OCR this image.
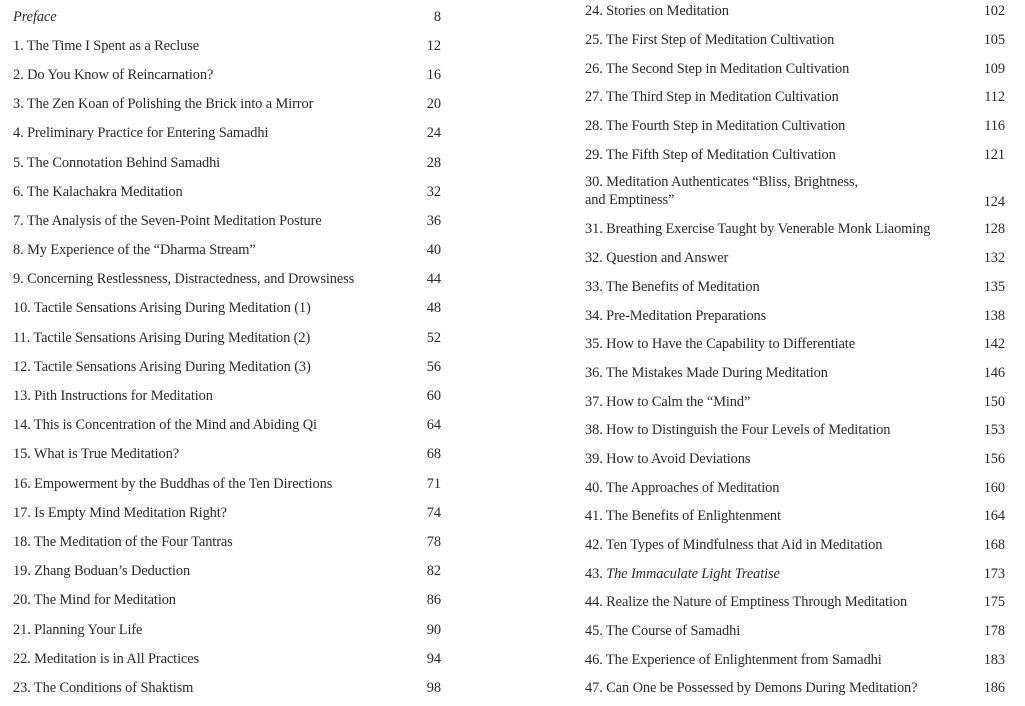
Preface	8
1. The Time I Spent as a Recluse	12
2. Do You Know of Reincarnation?	16
3. The Zen Koan of Polishing the Brick into a Mirror	20
4. Preliminary Practice for Entering Samadhi	24
5. The Connotation Behind Samadhi	28
6. The Kalachakra Meditation	32
7. The Analysis of the Seven-Point Meditation Posture	36
8. My Experience of the “Dharma Stream”	40
9. Concerning Restlessness, Distractedness, and Drowsiness	44
10. Tactile Sensations Arising During Meditation (1)	48
11. Tactile Sensations Arising During Meditation (2)	52
12. Tactile Sensations Arising During Meditation (3)	56
13. Pith Instructions for Meditation	60
14. This is Concentration of the Mind and Abiding Qi	64
15. What is True Meditation?	68
16. Empowerment by the Buddhas of the Ten Directions	71
17. Is Empty Mind Meditation Right?	74
18. The Meditation of the Four Tantras	78
19. Zhang Boduan’s Deduction	82
20. The Mind for Meditation	86
21. Planning Your Life	90
22. Meditation is in All Practices	94
23. The Conditions of Shaktism	98
24. Stories on Meditation	102
25. The First Step of Meditation Cultivation	105
26. The Second Step in Meditation Cultivation	109
27. The Third Step in Meditation Cultivation	112
28. The Fourth Step in Meditation Cultivation	116
29. The Fifth Step of Meditation Cultivation	121
30. Meditation Authenticates “Bliss, Brightness,
and Emptiness”	124
31. Breathing Exercise Taught by Venerable Monk Liaoming	128
32. Question and Answer	132
33. The Benefits of Meditation	135
34. Pre-Meditation Preparations	138
35. How to Have the Capability to Differentiate	142
36. The Mistakes Made During Meditation	146
37. How to Calm the “Mind”	150
38. How to Distinguish the Four Levels of Meditation	153
39. How to Avoid Deviations	156
40. The Approaches of Meditation	160
41. The Benefits of Enlightenment	164
42. Ten Types of Mindfulness that Aid in Meditation	168
43. The Immaculate Light Treatise	173
44. Realize the Nature of Emptiness Through Meditation	175
45. The Course of Samadhi	178
46. The Experience of Enlightenment from Samadhi	183
47. Can One be Possessed by Demons During Meditation?	186
